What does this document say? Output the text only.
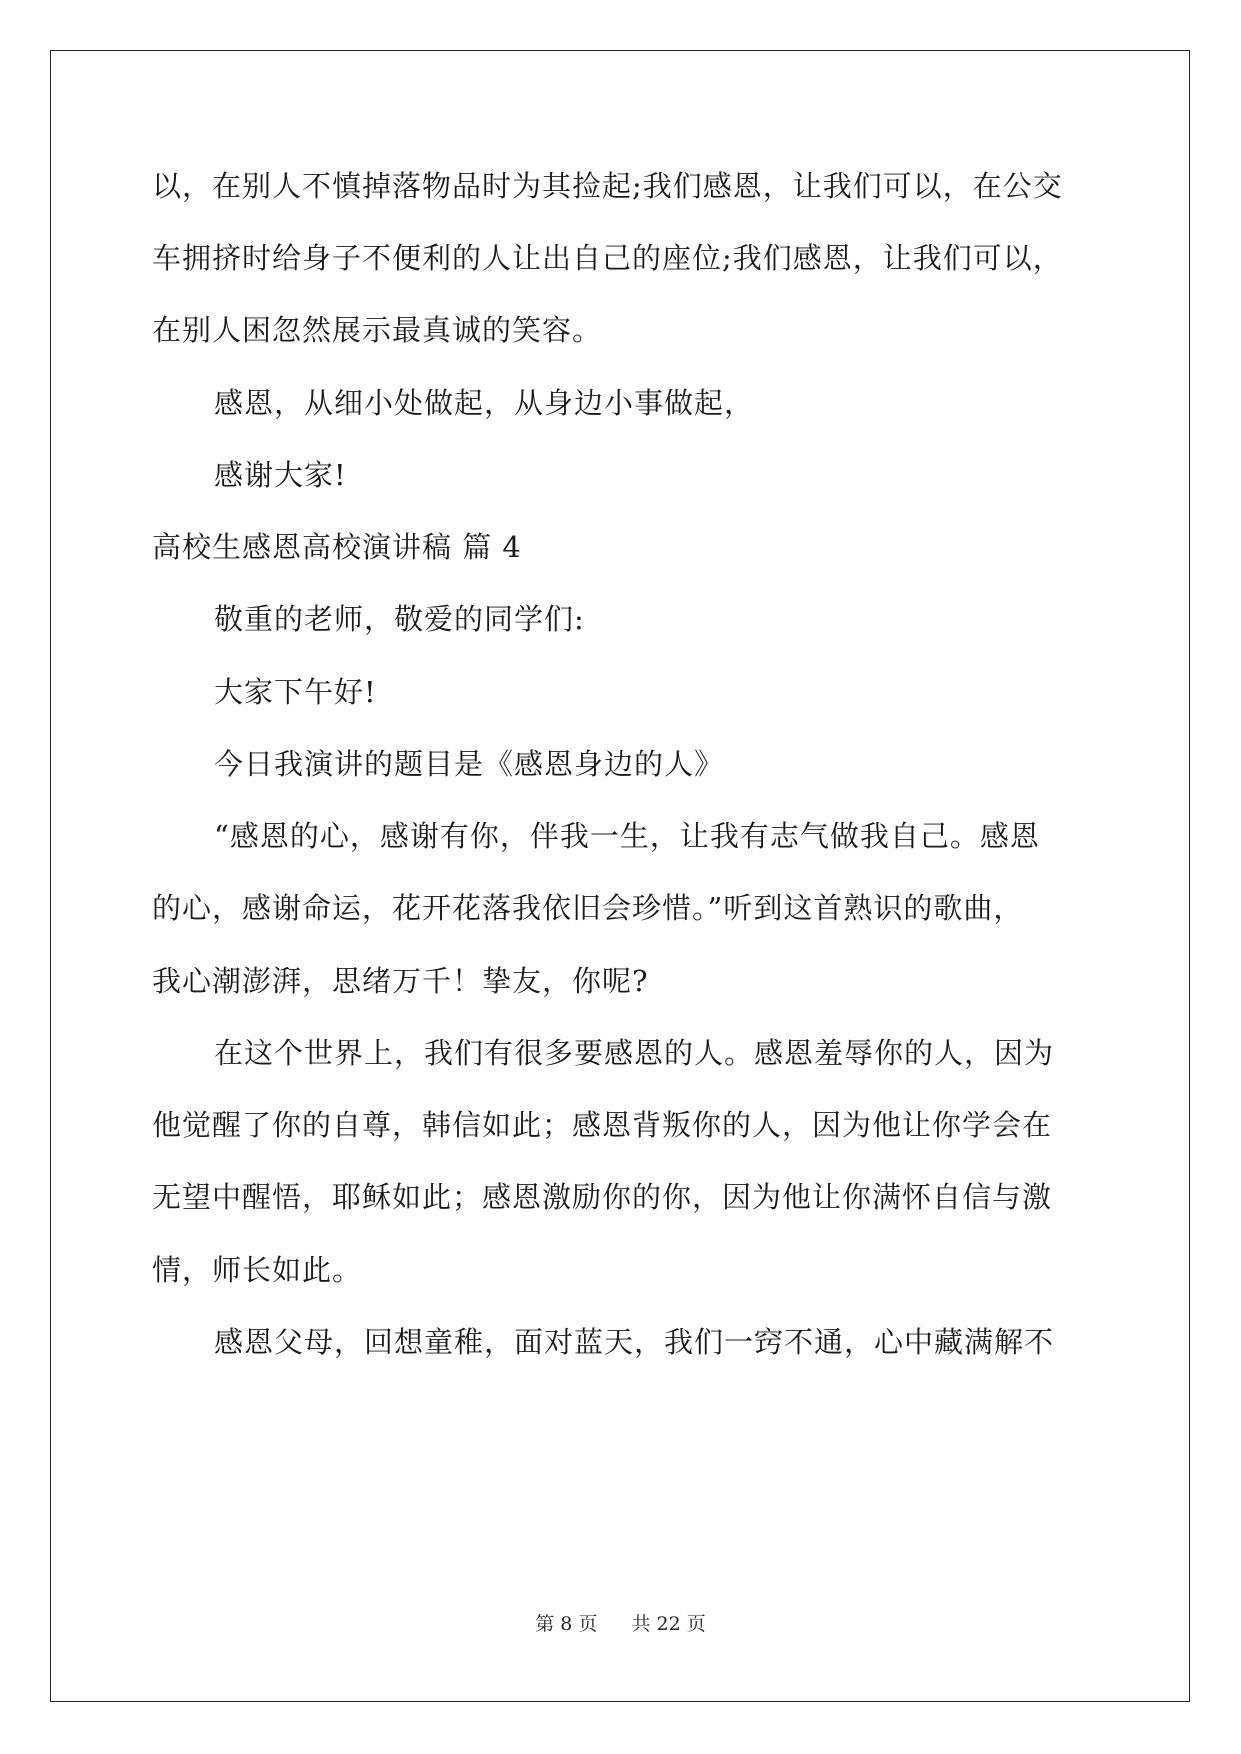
以，在别人不慎掉落物品时为其捡起;我们感恩，让我们可以，在公交
车拥挤时给身子不便利的人让出自己的座位;我们感恩，让我们可以，
在别人困忽然展示最真诚的笑容。
感恩，从细小处做起，从身边小事做起，
感谢大家!
高校生感恩高校演讲稿 篇 4
敬重的老师，敬爱的同学们:
大家下午好!
今日我演讲的题目是《感恩身边的人》
“感恩的心，感谢有你，伴我一生，让我有志气做我自己。感恩
的心，感谢命运，花开花落我依旧会珍惜。”听到这首熟识的歌曲，
我心潮澎湃，思绪万千！挚友，你呢?
在这个世界上，我们有很多要感恩的人。感恩羞辱你的人，因为
他觉醒了你的自尊，韩信如此；感恩背叛你的人，因为他让你学会在
无望中醒悟，耶稣如此；感恩激励你的你，因为他让你满怀自信与激
情，师长如此。
感恩父母，回想童稚，面对蓝天，我们一窍不通，心中藏满解不
第 8 页 共 22 页
